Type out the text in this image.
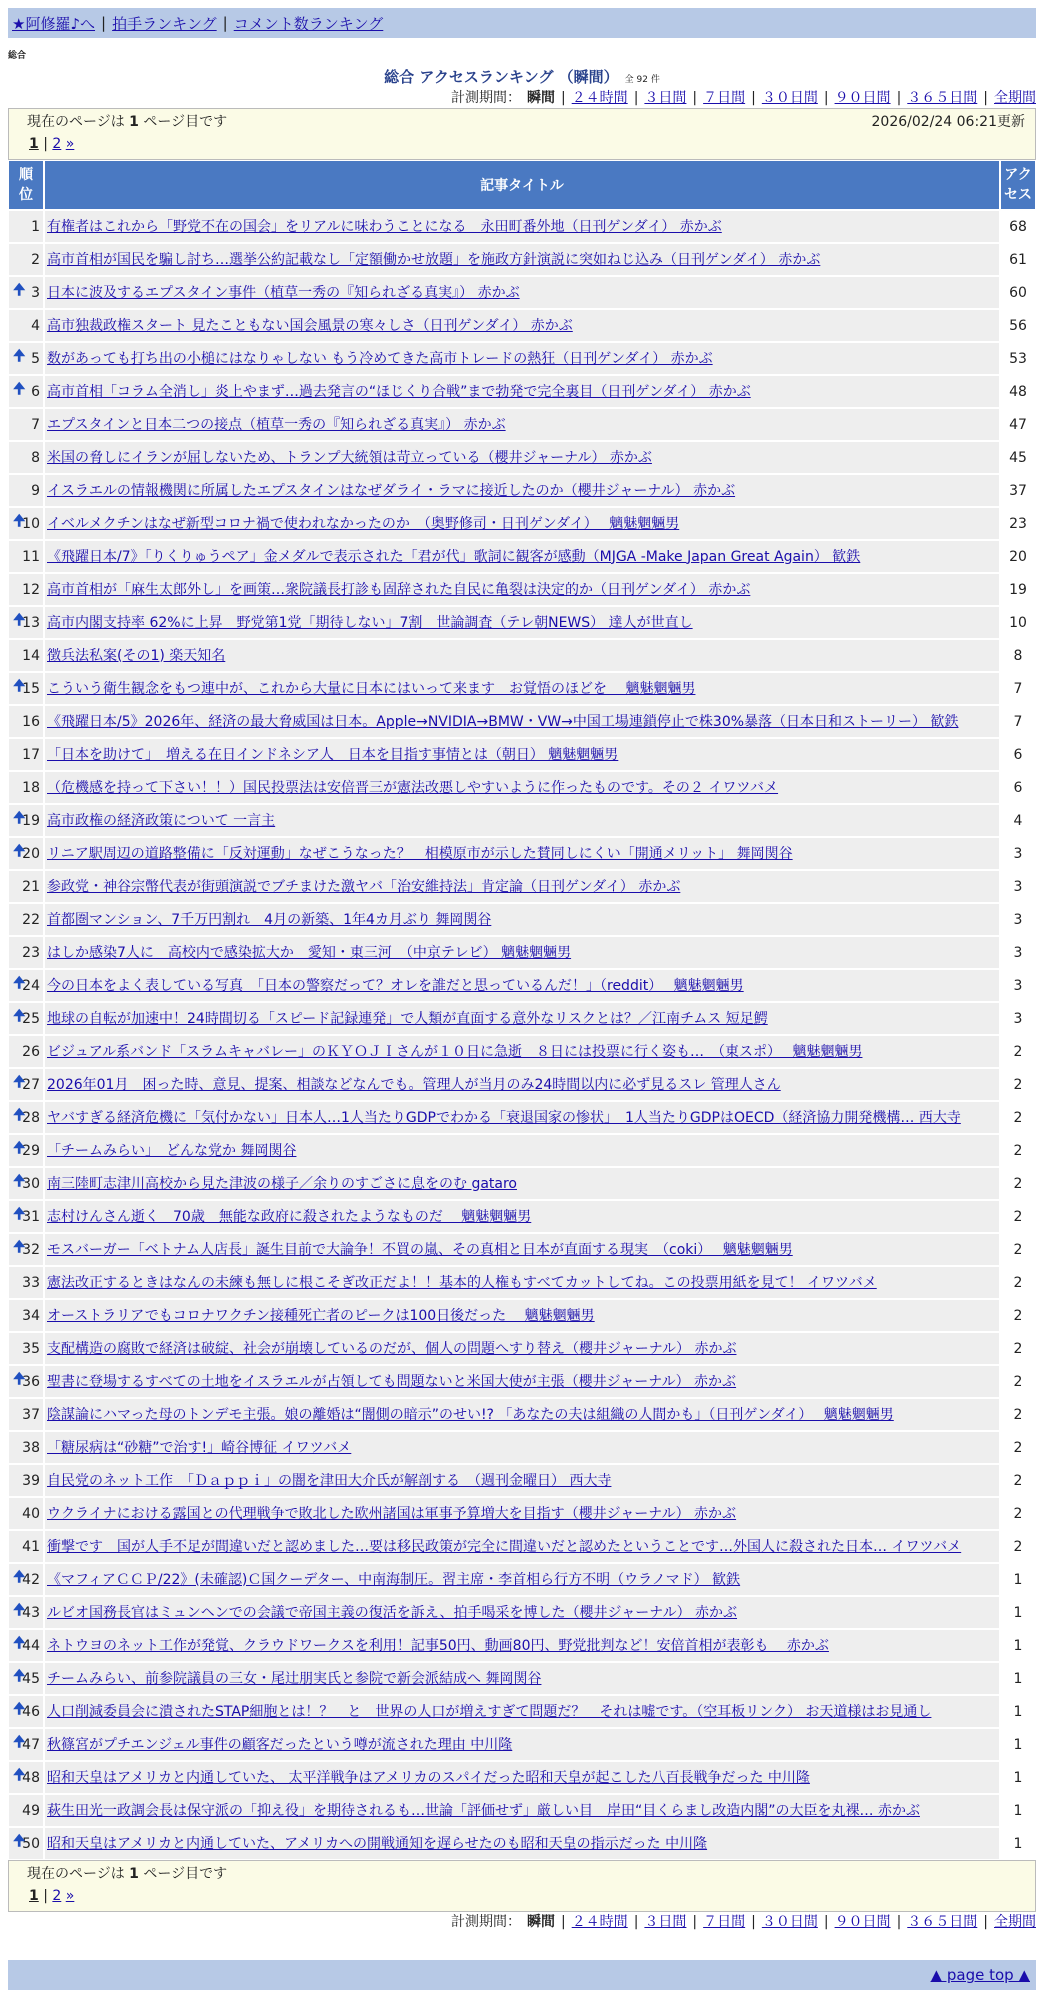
★阿修羅♪へ | 拍手ランキング | コメント数ランキング
総合
総合 アクセスランキング （瞬間） 全 92 件
計測期間： 瞬間 | ２４時間 | ３日間 | ７日間 | ３０日間 | ９０日間 | ３６５日間 | 全期間
現在のページは 1 ページ目です	2026/02/24 06:21更新
1 | 2 »
順
位	記事タイトル	アク
セス
1	有権者はこれから「野党不在の国会」をリアルに味わうことになる　永田町番外地（日刊ゲンダイ） 赤かぶ	68
2	高市首相が国民を騙し討ち…選挙公約記載なし「定額働かせ放題」を施政方針演説に突如ねじ込み（日刊ゲンダイ） 赤かぶ	61

🠉 3	日本に波及するエプスタイン事件（植草一秀の『知られざる真実』） 赤かぶ	60
4	高市独裁政権スタート 見たこともない国会風景の寒々しさ（日刊ゲンダイ） 赤かぶ	56

🠉 5	数があっても打ち出の小槌にはなりゃしない もう冷めてきた高市トレードの熱狂（日刊ゲンダイ） 赤かぶ	53

🠉 6	高市首相「コラム全消し」炎上やまず…過去発言の“ほじくり合戦”まで勃発で完全裏目（日刊ゲンダイ） 赤かぶ	48
7	エプスタインと日本二つの接点（植草一秀の『知られざる真実』） 赤かぶ	47
8	米国の脅しにイランが屈しないため、トランプ大統領は苛立っている（櫻井ジャーナル） 赤かぶ	45
9	イスラエルの情報機関に所属したエプスタインはなぜダライ・ラマに接近したのか（櫻井ジャーナル） 赤かぶ	37

🠉
10	イベルメクチンはなぜ新型コロナ禍で使われなかったのか　（奥野修司・日刊ゲンダイ）　 魑魅魍魎男	23
11	《飛躍日本/7》「りくりゅうペア」金メダルで表示された「君が代」歌詞に観客が感動（MJGA -Make Japan Great Again） 歓鉄	20
12	高市首相が「麻生太郎外し」を画策…衆院議長打診も固辞された自民に亀裂は決定的か（日刊ゲンダイ） 赤かぶ	19

🠉
13	高市内閣支持率 62%に上昇　野党第1党「期待しない」7割　世論調査（テレ朝NEWS） 達人が世直し	10
14	徴兵法私案(その1) 楽天知名	8

🠉
15	こういう衛生観念をもつ連中が、これから大量に日本にはいって来ます　お覚悟のほどを　 魑魅魍魎男	7
16	《飛躍日本/5》2026年、経済の最大脅威国は日本。Apple→NVIDIA→BMW・VW→中国工場連鎖停止で株30%暴落（日本日和ストーリー） 歓鉄	7
17	「日本を助けて」　増える在日インドネシア人　日本を目指す事情とは（朝日） 魑魅魍魎男	6
18	（危機感を持って下さい！！）国民投票法は安倍晋三が憲法改悪しやすいように作ったものです。その２ イワツバメ	6

🠉
19	高市政権の経済政策について 一言主	4

🠉
20	リニア駅周辺の道路整備に「反対運動」なぜこうなった？　相模原市が示した賛同しにくい「開通メリット」 舞岡関谷	3
21	参政党・神谷宗幣代表が街頭演説でブチまけた激ヤバ「治安維持法」肯定論（日刊ゲンダイ） 赤かぶ	3
22	首都圏マンション、7千万円割れ　4月の新築、1年4カ月ぶり 舞岡関谷	3
23	はしか感染7人に　高校内で感染拡大か　愛知・東三河　（中京テレビ） 魑魅魍魎男	3

🠉
24	今の日本をよく表している写真　「日本の警察だって？オレを誰だと思っているんだ！」（reddit）　 魑魅魍魎男	3

🠉
25	地球の自転が加速中！24時間切る「スピード記録連発」で人類が直面する意外なリスクとは？／江南チムス 短足鰐	3
26	ビジュアル系バンド「スラムキャバレー」のＫＹＯＪＩさんが１０日に急逝　８日には投票に行く姿も…　（東スポ）　 魑魅魍魎男	2

🠉
27	2026年01月　困った時、意見、提案、相談などなんでも。管理人が当月のみ24時間以内に必ず見るスレ 管理人さん	2

🠉
28	ヤバすぎる経済危機に「気付かない」日本人…1人当たりGDPでわかる「衰退国家の惨状」　1人当たりGDPはOECD（経済協力開発機構… 西大寺	2

🠉
29	「チームみらい」　どんな党か 舞岡関谷	2

🠉
30	南三陸町志津川高校から見た津波の様子／余りのすごさに息をのむ gataro	2

🠉
31	志村けんさん逝く　70歳　無能な政府に殺されたようなものだ　 魑魅魍魎男	2

🠉
32	モスバーガー「ベトナム人店長」誕生目前で大論争！不買の嵐、その真相と日本が直面する現実　（coki）　 魑魅魍魎男	2
33	憲法改正するときはなんの未練も無しに根こそぎ改正だよ！！基本的人権もすべてカットしてね。この投票用紙を見て！ イワツバメ	2
34	オーストラリアでもコロナワクチン接種死亡者のピークは100日後だった　 魑魅魍魎男	2
35	支配構造の腐敗で経済は破綻、社会が崩壊しているのだが、個人の問題へすり替え（櫻井ジャーナル） 赤かぶ	2

🠉
36	聖書に登場するすべての土地をイスラエルが占領しても問題ないと米国大使が主張（櫻井ジャーナル） 赤かぶ	2
37	陰謀論にハマった母のトンデモ主張。娘の離婚は“闇側の暗示”のせい!? 「あなたの夫は組織の人間かも」（日刊ゲンダイ）　 魑魅魍魎男	2
38	「糖尿病は“砂糖”で治す!」崎谷博征 イワツバメ	2
39	自民党のネット工作　「Ｄａｐｐｉ」の闇を津田大介氏が解剖する　（週刊金曜日） 西大寺	2
40	ウクライナにおける露国との代理戦争で敗北した欧州諸国は軍事予算増大を目指す（櫻井ジャーナル） 赤かぶ	2
41	衝撃です　国が人手不足が間違いだと認めました…要は移民政策が完全に間違いだと認めたということです…外国人に殺された日本… イワツバメ	2

🠉
42	《マフィアＣＣＰ/22》(未確認)Ｃ国クーデター、中南海制圧。習主席・李首相ら行方不明（ウラノマド） 歓鉄	1

🠉
43	ルビオ国務長官はミュンヘンでの会議で帝国主義の復活を訴え、拍手喝采を博した（櫻井ジャーナル） 赤かぶ	1

🠉
44	ネトウヨのネット工作が発覚、クラウドワークスを利用！記事50円、動画80円、野党批判など！安倍首相が表彰も　 赤かぶ	1

🠉
45	チームみらい、前参院議員の三女・尾辻朋実氏と参院で新会派結成へ 舞岡関谷	1

🠉
46	人口削減委員会に潰されたSTAP細胞とは！？　と　世界の人口が増えすぎて問題だ？　それは嘘です。（空耳板リンク） お天道様はお見通し	1

🠉
47	秋篠宮がプチエンジェル事件の顧客だったという噂が流された理由 中川隆	1

🠉
48	昭和天皇はアメリカと内通していた、 太平洋戦争はアメリカのスパイだった昭和天皇が起こした八百長戦争だった 中川隆	1
49	萩生田光一政調会長は保守派の「抑え役」を期待されるも…世論「評価せず」厳しい目　岸田“目くらまし改造内閣”の大臣を丸裸… 赤かぶ	1

🠉
50	昭和天皇はアメリカと内通していた、アメリカへの開戦通知を遅らせたのも昭和天皇の指示だった 中川隆	1
現在のページは 1 ページ目です
1 | 2 »
計測期間： 瞬間 | ２４時間 | ３日間 | ７日間 | ３０日間 | ９０日間 | ３６５日間 | 全期間
▲ page top ▲
